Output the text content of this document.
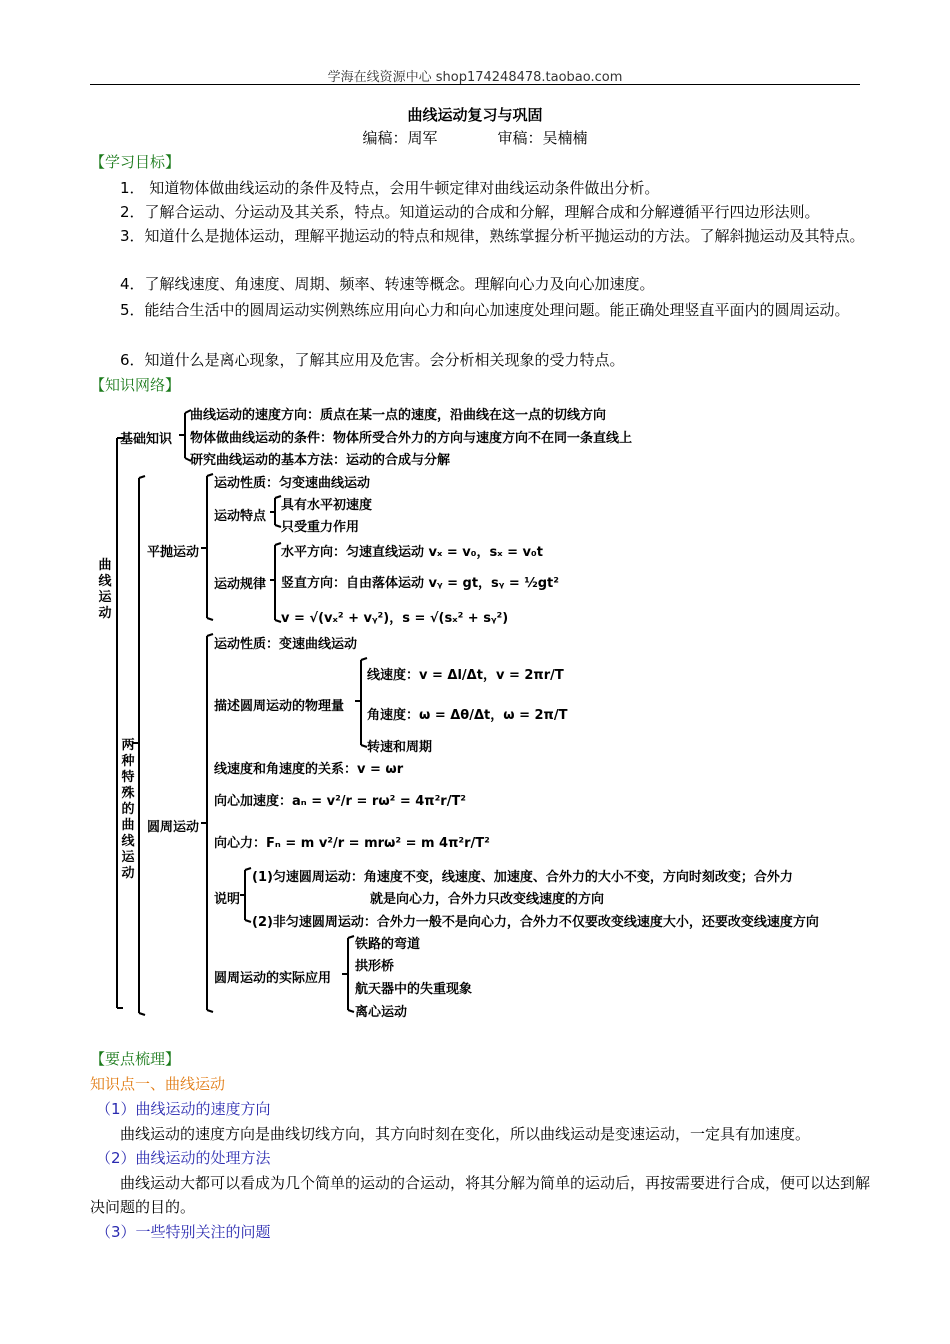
学海在线资源中心 shop174248478.taobao.com
曲线运动复习与巩固
编稿：周军	审稿：吴楠楠
【学习目标】
1． 知道物体做曲线运动的条件及特点，会用牛顿定律对曲线运动条件做出分析。
2．了解合运动、分运动及其关系，特点。知道运动的合成和分解，理解合成和分解遵循平行四边形法则。
3．知道什么是抛体运动，理解平抛运动的特点和规律，熟练掌握分析平抛运动的方法。了解斜抛运动及其特点。
4．了解线速度、角速度、周期、频率、转速等概念。理解向心力及向心加速度。
5．能结合生活中的圆周运动实例熟练应用向心力和向心加速度处理问题。能正确处理竖直平面内的圆周运动。
6．知道什么是离心现象，了解其应用及危害。会分析相关现象的受力特点。
【知识网络】
曲线运动
基础知识
曲线运动的速度方向：质点在某一点的速度，沿曲线在这一点的切线方向
物体做曲线运动的条件：物体所受合外力的方向与速度方向不在同一条直线上
研究曲线运动的基本方法：运动的合成与分解
两种特殊的曲线运动
平抛运动
运动性质：匀变速曲线运动
运动特点
具有水平初速度
只受重力作用
运动规律
水平方向：匀速直线运动 vₓ = v₀，sₓ = v₀t
竖直方向：自由落体运动 vᵧ = gt，sᵧ = ½gt²
v = √(vₓ² + vᵧ²)，s = √(sₓ² + sᵧ²)
圆周运动
运动性质：变速曲线运动
描述圆周运动的物理量
线速度：v = Δl/Δt，v = 2πr/T
角速度：ω = Δθ/Δt，ω = 2π/T
转速和周期
线速度和角速度的关系：v = ωr
向心加速度：aₙ = v²/r = rω² = 4π²r/T²
向心力：Fₙ = m v²/r = mrω² = m 4π²r/T²
说明
(1)匀速圆周运动：角速度不变，线速度、加速度、合外力的大小不变，方向时刻改变；合外力
就是向心力，合外力只改变线速度的方向
(2)非匀速圆周运动：合外力一般不是向心力，合外力不仅要改变线速度大小，还要改变线速度方向
圆周运动的实际应用
铁路的弯道
拱形桥
航天器中的失重现象
离心运动
【要点梳理】
知识点一、曲线运动
（1）曲线运动的速度方向
曲线运动的速度方向是曲线切线方向，其方向时刻在变化，所以曲线运动是变速运动，一定具有加速度。
（2）曲线运动的处理方法
曲线运动大都可以看成为几个简单的运动的合运动，将其分解为简单的运动后，再按需要进行合成，便可以达到解决问题的目的。
（3）一些特别关注的问题
